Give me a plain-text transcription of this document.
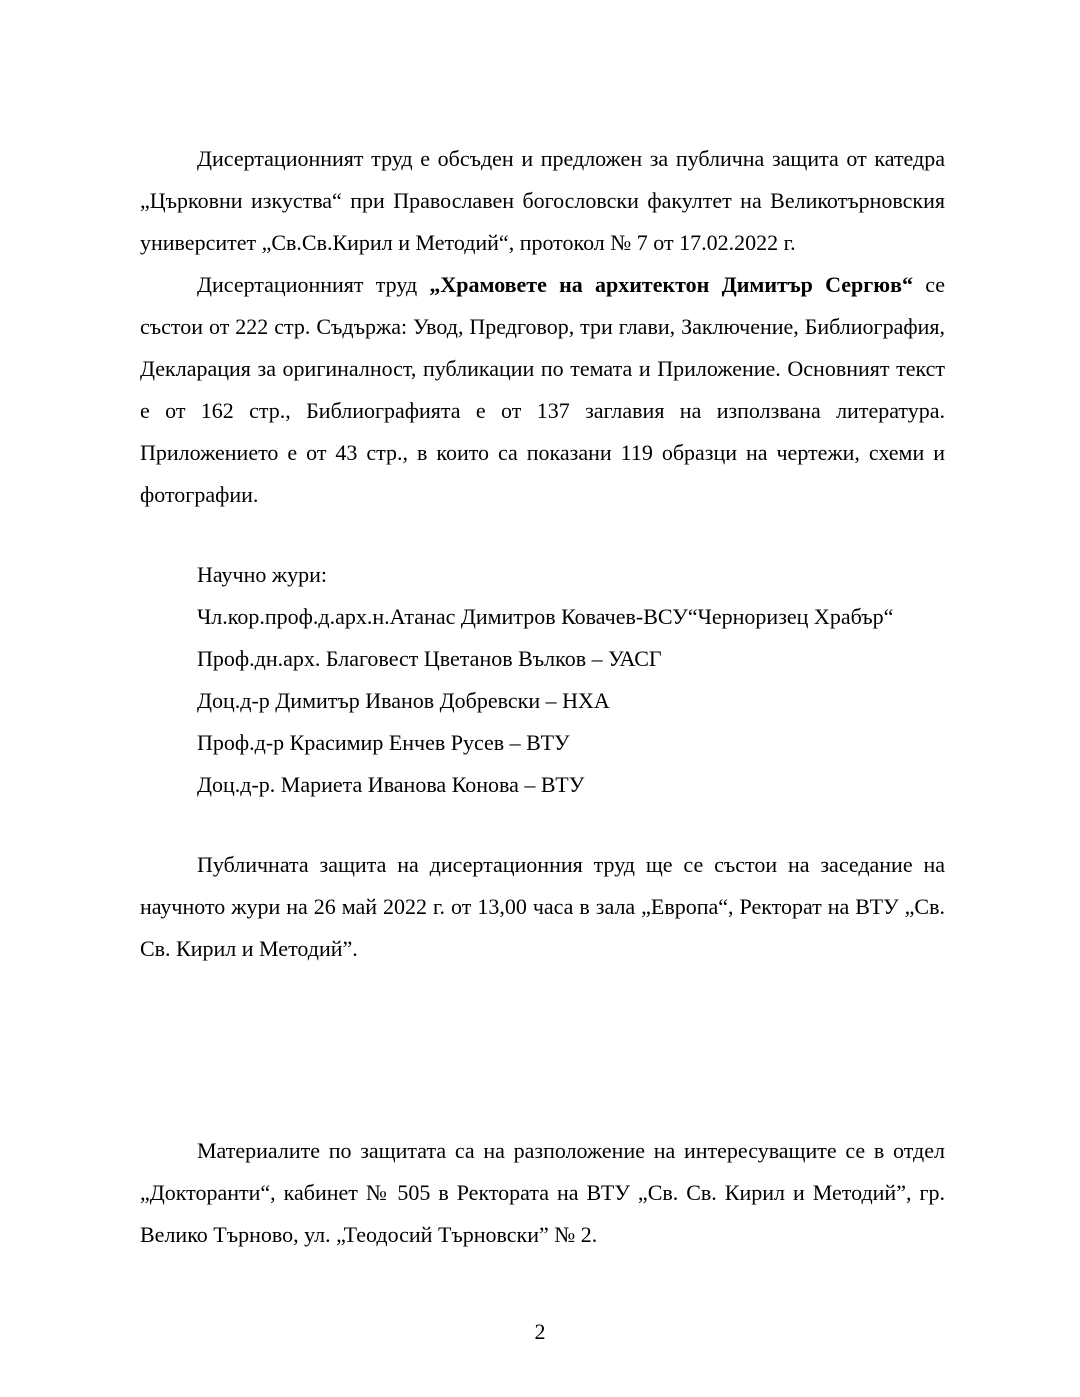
Дисертационният труд е обсъден и предложен за публична защита от катедра „Църковни изкуства“ при Православен богословски факултет на Великотърновския университет „Св.Св.Кирил и Методий“, протокол № 7 от 17.02.2022 г.

Дисертационният труд „Храмовете на архитектон Димитър Сергюв“ се състои от 222 стр. Съдържа: Увод, Предговор, три глави, Заключение, Библиография, Декларация за оригиналност, публикации по темата и Приложение. Основният текст е от 162 стр., Библиографията е от 137 заглавия на използвана литература. Приложението е от 43 стр., в които са показани 119 образци на чертежи, схеми и фотографии.

Научно жури:

Чл.кор.проф.д.арх.н.Атанас Димитров Ковачев-ВСУ“Черноризец Храбър“

Проф.дн.арх. Благовест Цветанов Вълков – УАСГ

Доц.д-р Димитър Иванов Добревски – НХА

Проф.д-р Красимир Енчев Русев – ВТУ

Доц.д-р. Мариета Иванова Конова – ВТУ

Публичната защита на дисертационния труд ще се състои на заседание на научното жури на 26 май 2022 г. от 13,00 часа в зала „Европа“, Ректорат на ВТУ „Св. Св. Кирил и Методий”.

Материалите по защитата са на разположение на интересуващите се в отдел „Докторанти“, кабинет № 505 в Ректората на ВТУ „Св. Св. Кирил и Методий”, гр. Велико Търново, ул. „Теодосий Търновски” № 2.

2
